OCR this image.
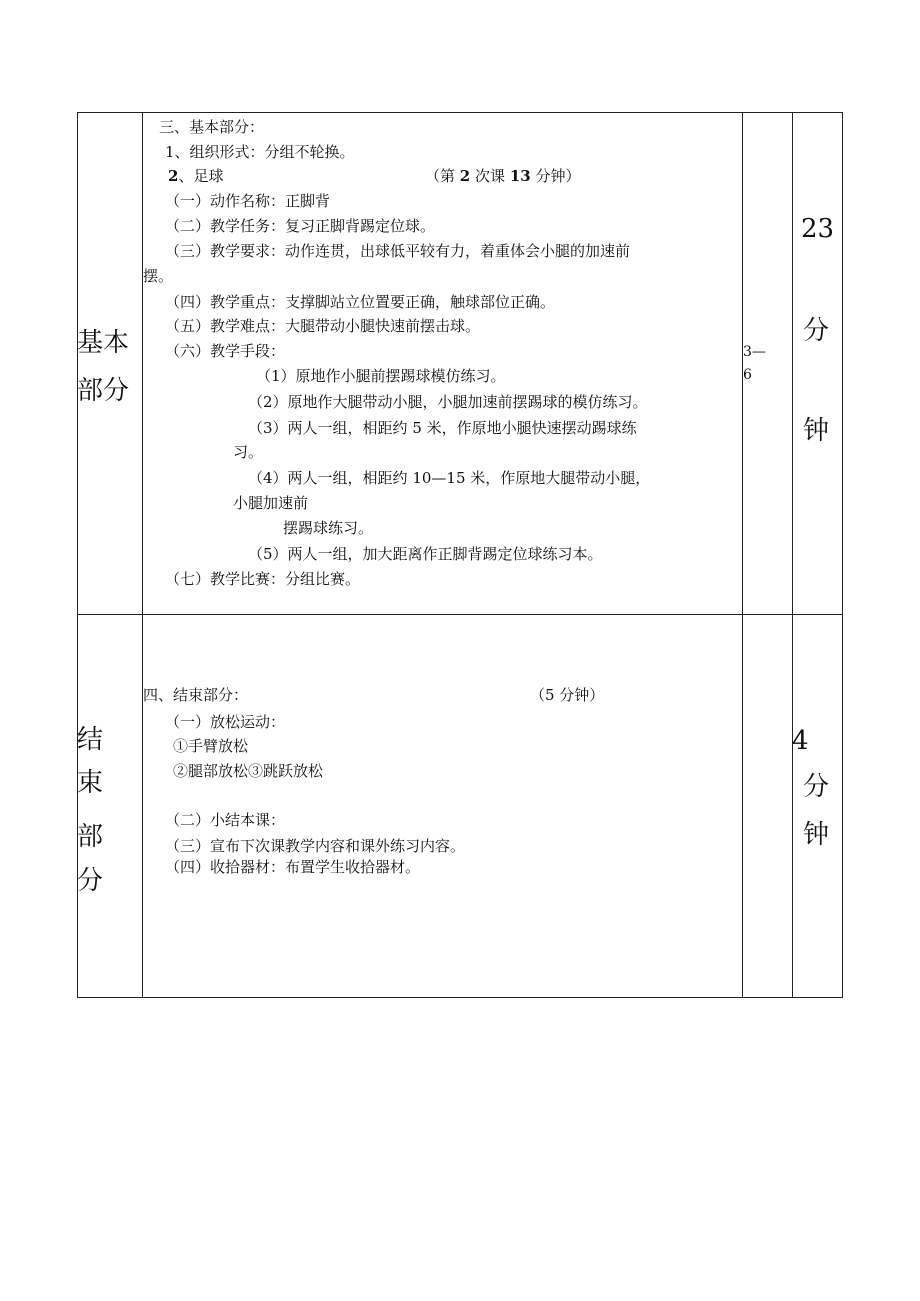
基本
部分
三、基本部分：
1、组织形式：分组不轮换。
2、足球	（第 2 次课 13 分钟）
（一）动作名称：正脚背
（二）教学任务：复习正脚背踢定位球。
（三）教学要求：动作连贯，出球低平较有力，着重体会小腿的加速前
摆。
（四）教学重点：支撑脚站立位置要正确，触球部位正确。
（五）教学难点：大腿带动小腿快速前摆击球。
（六）教学手段：
（1）原地作小腿前摆踢球模仿练习。
（2）原地作大腿带动小腿，小腿加速前摆踢球的模仿练习。
（3）两人一组，相距约 5 米，作原地小腿快速摆动踢球练
习。
（4）两人一组，相距约 10—15 米，作原地大腿带动小腿，
小腿加速前
摆踢球练习。
（5）两人一组，加大距离作正脚背踢定位球练习本。
（七）教学比赛：分组比赛。
3—
6
23
分
钟
结
束
部
分
四、结束部分：	（5 分钟）
（一）放松运动：
①手臂放松
②腿部放松③跳跃放松
（二）小结本课：
（三）宣布下次课教学内容和课外练习内容。
（四）收拾器材：布置学生收拾器材。
4
分
钟
